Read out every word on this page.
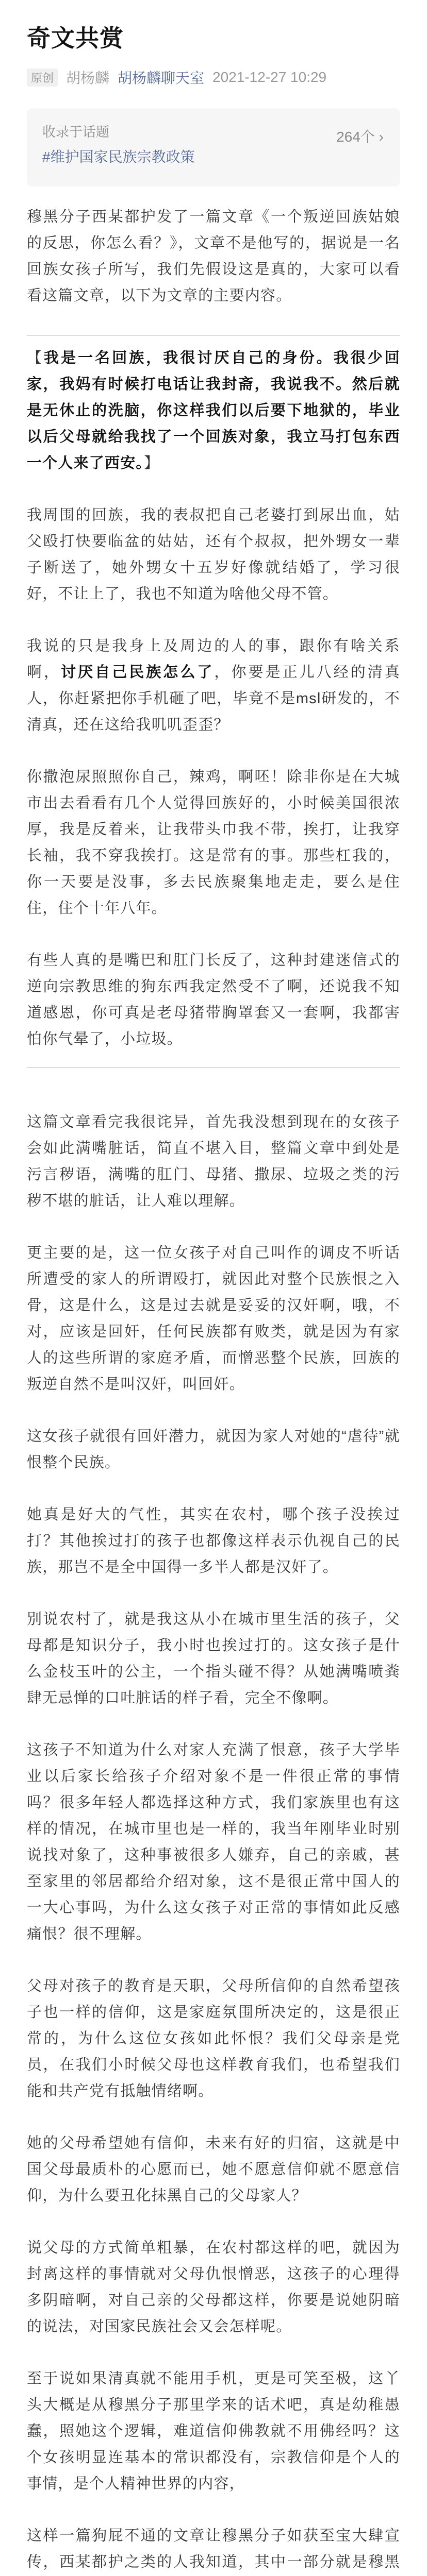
奇文共赏
原创 胡杨麟 胡杨麟聊天室 2021-12-27 10:29
收录于话题
#维护国家民族宗教政策
264个 ›

穆黑分子西某都护发了一篇文章《一个叛逆回族姑娘的反思，你怎么看？》，文章不是他写的，据说是一名回族女孩子所写，我们先假设这是真的，大家可以看看这篇文章，以下为文章的主要内容。

【我是一名回族，我很讨厌自己的身份。我很少回家，我妈有时候打电话让我封斋，我说我不。然后就是无休止的洗脑，你这样我们以后要下地狱的，毕业以后父母就给我找了一个回族对象，我立马打包东西一个人来了西安。】

我周围的回族，我的表叔把自己老婆打到尿出血，姑父殴打快要临盆的姑姑，还有个叔叔，把外甥女一辈子断送了，她外甥女十五岁好像就结婚了，学习很好，不让上了，我也不知道为啥他父母不管。

我说的只是我身上及周边的人的事，跟你有啥关系啊，讨厌自己民族怎么了，你要是正儿八经的清真人，你赶紧把你手机砸了吧，毕竟不是msl研发的，不清真，还在这给我叽叽歪歪？

你撒泡尿照照你自己，辣鸡，啊呸！除非你是在大城市出去看看有几个人觉得回族好的，小时候美国很浓厚，我是反着来，让我带头巾我不带，挨打，让我穿长袖，我不穿我挨打。这是常有的事。那些杠我的，你一天要是没事，多去民族聚集地走走，要么是住住，住个十年八年。

有些人真的是嘴巴和肛门长反了，这种封建迷信式的逆向宗教思维的狗东西我定然受不了啊，还说我不知道感恩，你可真是老母猪带胸罩套又一套啊，我都害怕你气晕了，小垃圾。

这篇文章看完我很诧异，首先我没想到现在的女孩子会如此满嘴脏话，简直不堪入目，整篇文章中到处是污言秽语，满嘴的肛门、母猪、撒尿、垃圾之类的污秽不堪的脏话，让人难以理解。

更主要的是，这一位女孩子对自己叫作的调皮不听话所遭受的家人的所谓殴打，就因此对整个民族恨之入骨，这是什么，这是过去就是妥妥的汉奸啊，哦，不对，应该是回奸，任何民族都有败类，就是因为有家人的这些所谓的家庭矛盾，而憎恶整个民族，回族的叛逆自然不是叫汉奸，叫回奸。

这女孩子就很有回奸潜力，就因为家人对她的“虐待”就恨整个民族。

她真是好大的气性，其实在农村，哪个孩子没挨过打？其他挨过打的孩子也都像这样表示仇视自己的民族，那岂不是全中国得一多半人都是汉奸了。

别说农村了，就是我这从小在城市里生活的孩子，父母都是知识分子，我小时也挨过打的。这女孩子是什么金枝玉叶的公主，一个指头碰不得？从她满嘴喷粪肆无忌惮的口吐脏话的样子看，完全不像啊。

这孩子不知道为什么对家人充满了恨意，孩子大学毕业以后家长给孩子介绍对象不是一件很正常的事情吗？很多年轻人都选择这种方式，我们家族里也有这样的情况，在城市里也是一样的，我当年刚毕业时别说找对象了，这种事被很多人嫌弃，自己的亲戚，甚至家里的邻居都给介绍对象，这不是很正常中国人的一大心事吗，为什么这女孩子对正常的事情如此反感痛恨？很不理解。

父母对孩子的教育是天职，父母所信仰的自然希望孩子也一样的信仰，这是家庭氛围所决定的，这是很正常的，为什么这位女孩如此怀恨？我们父母亲是党员，在我们小时候父母也这样教育我们，也希望我们能和共产党有抵触情绪啊。

她的父母希望她有信仰，未来有好的归宿，这就是中国父母最质朴的心愿而已，她不愿意信仰就不愿意信仰，为什么要丑化抹黑自己的父母家人？

说父母的方式简单粗暴，在农村都这样的吧，就因为封离这样的事情就对父母仇恨憎恶，这孩子的心理得多阴暗啊，对自己亲的父母都这样，你要是说她阴暗的说法，对国家民族社会又会怎样呢。

至于说如果清真就不能用手机，更是可笑至极，这丫头大概是从穆黑分子那里学来的话术吧，真是幼稚愚蠢，照她这个逻辑，难道信仰佛教就不用佛经吗？这个女孩明显连基本的常识都没有，宗教信仰是个人的事情，是个人精神世界的内容，

这样一篇狗屁不通的文章让穆黑分子如获至宝大肆宣传，西某都护之类的人我知道，其中一部分就是穆黑
